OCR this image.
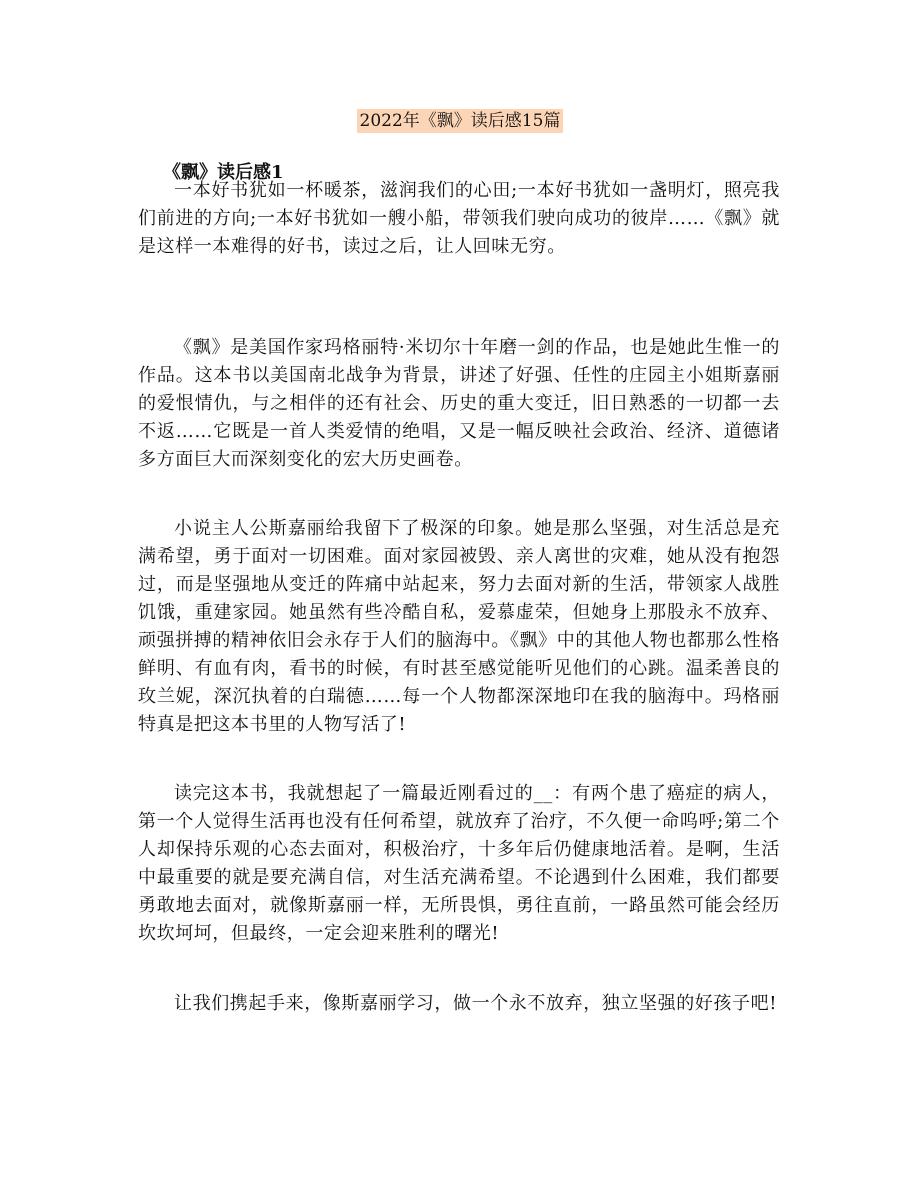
2022年《飘》读后感15篇
《飘》读后感1

一本好书犹如一杯暖茶，滋润我们的心田;一本好书犹如一盏明灯，照亮我们前进的方向;一本好书犹如一艘小船，带领我们驶向成功的彼岸……《飘》就是这样一本难得的好书，读过之后，让人回味无穷。

《飘》是美国作家玛格丽特·米切尔十年磨一剑的作品，也是她此生惟一的作品。这本书以美国南北战争为背景，讲述了好强、任性的庄园主小姐斯嘉丽的爱恨情仇，与之相伴的还有社会、历史的重大变迁，旧日熟悉的一切都一去不返……它既是一首人类爱情的绝唱，又是一幅反映社会政治、经济、道德诸多方面巨大而深刻变化的宏大历史画卷。

小说主人公斯嘉丽给我留下了极深的印象。她是那么坚强，对生活总是充满希望，勇于面对一切困难。面对家园被毁、亲人离世的灾难，她从没有抱怨过，而是坚强地从变迁的阵痛中站起来，努力去面对新的生活，带领家人战胜饥饿，重建家园。她虽然有些冷酷自私，爱慕虚荣，但她身上那股永不放弃、顽强拼搏的精神依旧会永存于人们的脑海中。《飘》中的其他人物也都那么性格鲜明、有血有肉，看书的时候，有时甚至感觉能听见他们的心跳。温柔善良的玫兰妮，深沉执着的白瑞德……每一个人物都深深地印在我的脑海中。玛格丽特真是把这本书里的人物写活了!

读完这本书，我就想起了一篇最近刚看过的__：有两个患了癌症的病人，第一个人觉得生活再也没有任何希望，就放弃了治疗，不久便一命呜呼;第二个人却保持乐观的心态去面对，积极治疗，十多年后仍健康地活着。是啊，生活中最重要的就是要充满自信，对生活充满希望。不论遇到什么困难，我们都要勇敢地去面对，就像斯嘉丽一样，无所畏惧，勇往直前，一路虽然可能会经历坎坎坷坷，但最终，一定会迎来胜利的曙光!

让我们携起手来，像斯嘉丽学习，做一个永不放弃，独立坚强的好孩子吧!
